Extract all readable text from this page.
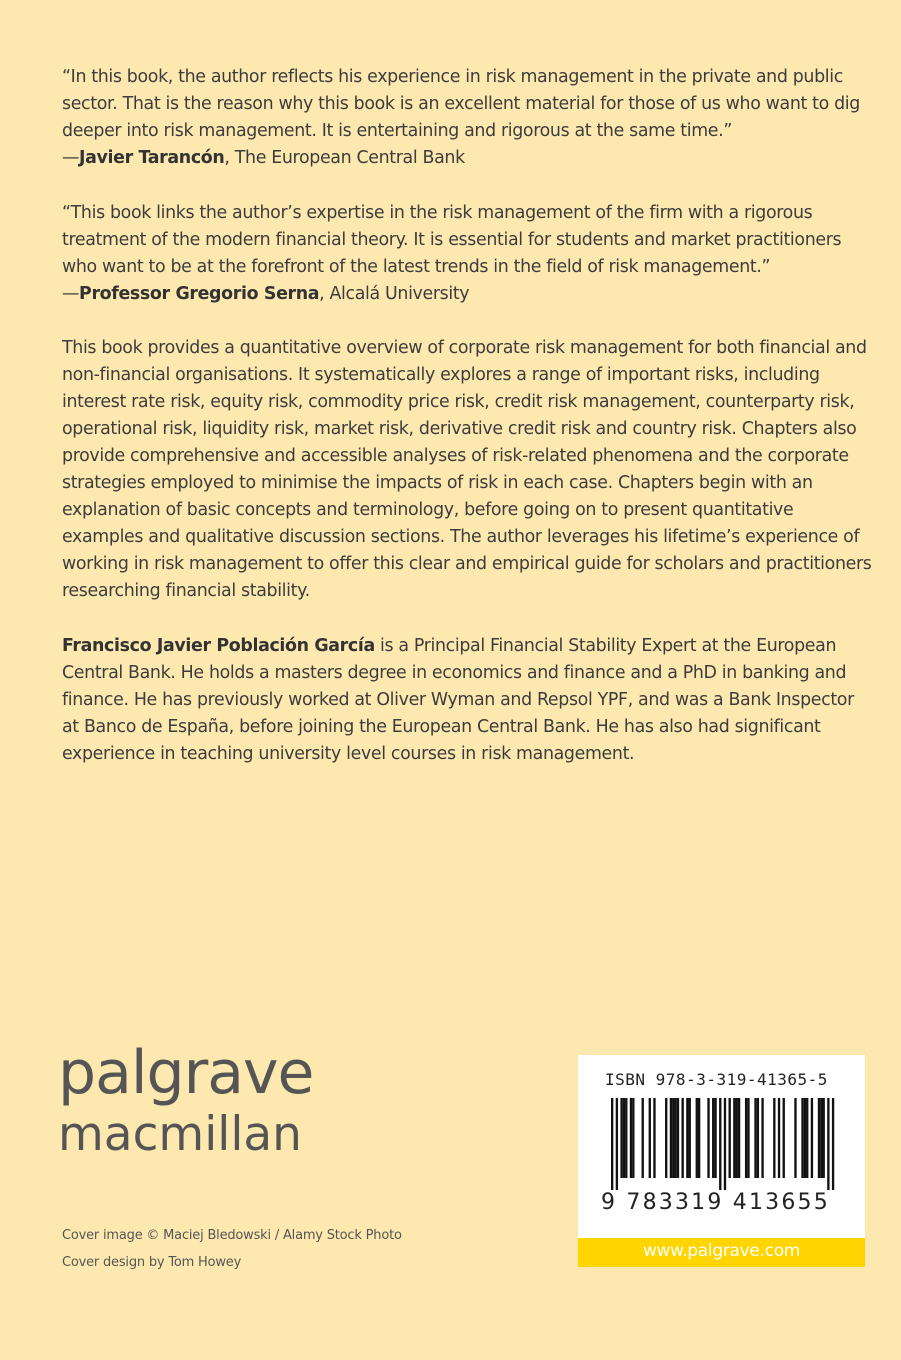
“In this book, the author reflects his experience in risk management in the private and public sector. That is the reason why this book is an excellent material for those of us who want to dig deeper into risk management. It is entertaining and rigorous at the same time.”

—Javier Tarancón, The European Central Bank

“This book links the author’s expertise in the risk management of the firm with a rigorous treatment of the modern financial theory. It is essential for students and market practitioners who want to be at the forefront of the latest trends in the field of risk management.”

—Professor Gregorio Serna, Alcalá University

This book provides a quantitative overview of corporate risk management for both financial and non-financial organisations. It systematically explores a range of important risks, including interest rate risk, equity risk, commodity price risk, credit risk management, counterparty risk, operational risk, liquidity risk, market risk, derivative credit risk and country risk. Chapters also provide comprehensive and accessible analyses of risk-related phenomena and the corporate strategies employed to minimise the impacts of risk in each case. Chapters begin with an explanation of basic concepts and terminology, before going on to present quantitative examples and qualitative discussion sections. The author leverages his lifetime’s experience of working in risk management to offer this clear and empirical guide for scholars and practitioners researching financial stability.

Francisco Javier Población García is a Principal Financial Stability Expert at the European Central Bank. He holds a masters degree in economics and finance and a PhD in banking and finance. He has previously worked at Oliver Wyman and Repsol YPF, and was a Bank Inspector at Banco de España, before joining the European Central Bank. He has also had significant experience in teaching university level courses in risk management.

palgrave
macmillan
Cover image © Maciej Bledowski / Alamy Stock Photo
Cover design by Tom Howey
ISBN 978-3-319-41365-5
9 783319 413655
www.palgrave.com
